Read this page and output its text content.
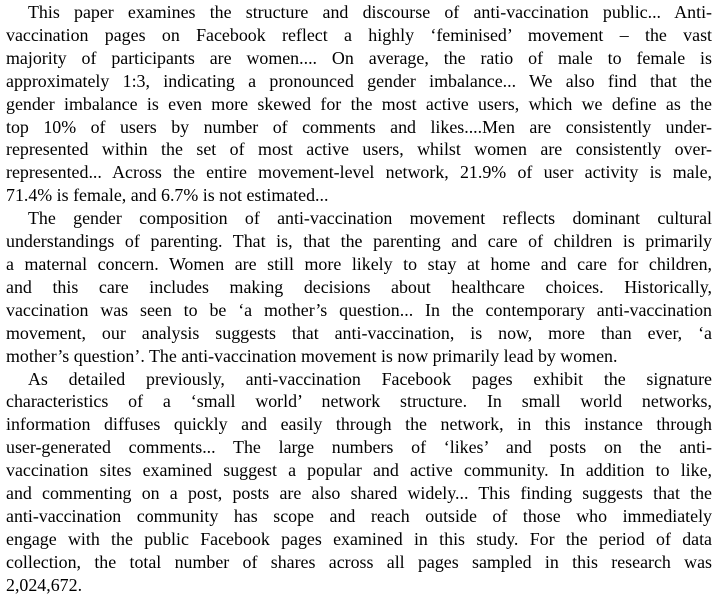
This paper examines the structure and discourse of anti-vaccination public... Anti-
vaccination pages on Facebook reflect a highly ‘feminised’ movement – the vast
majority of participants are women.... On average, the ratio of male to female is
approximately 1:3, indicating a pronounced gender imbalance... We also find that the
gender imbalance is even more skewed for the most active users, which we define as the
top 10% of users by number of comments and likes....Men are consistently under-
represented within the set of most active users, whilst women are consistently over-
represented... Across the entire movement-level network, 21.9% of user activity is male,
71.4% is female, and 6.7% is not estimated...
The gender composition of anti-vaccination movement reflects dominant cultural
understandings of parenting. That is, that the parenting and care of children is primarily
a maternal concern. Women are still more likely to stay at home and care for children,
and this care includes making decisions about healthcare choices. Historically,
vaccination was seen to be ‘a mother’s question... In the contemporary anti-vaccination
movement, our analysis suggests that anti-vaccination, is now, more than ever, ‘a
mother’s question’. The anti-vaccination movement is now primarily lead by women.
As detailed previously, anti-vaccination Facebook pages exhibit the signature
characteristics of a ‘small world’ network structure. In small world networks,
information diffuses quickly and easily through the network, in this instance through
user-generated comments... The large numbers of ‘likes’ and posts on the anti-
vaccination sites examined suggest a popular and active community. In addition to like,
and commenting on a post, posts are also shared widely... This finding suggests that the
anti-vaccination community has scope and reach outside of those who immediately
engage with the public Facebook pages examined in this study. For the period of data
collection, the total number of shares across all pages sampled in this research was
2,024,672.
